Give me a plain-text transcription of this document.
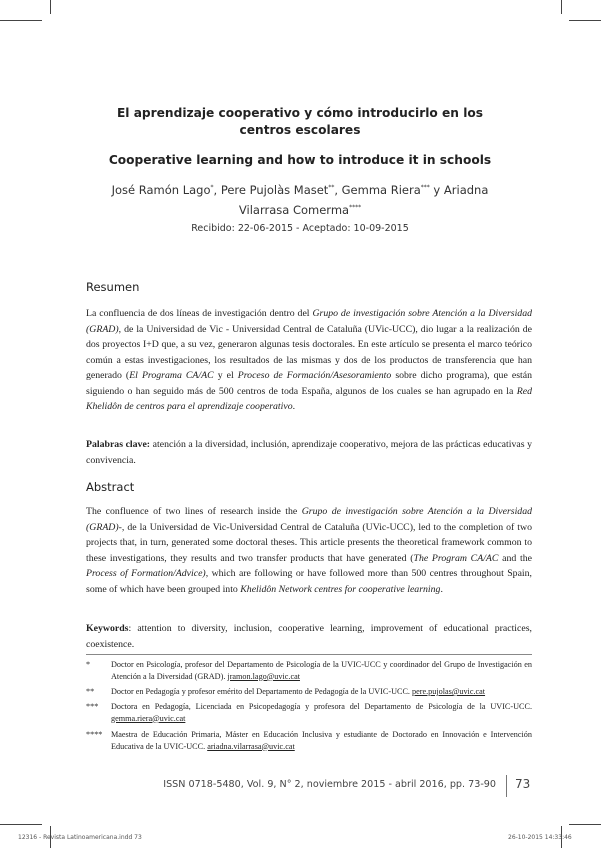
El aprendizaje cooperativo y cómo introducirlo en los centros escolares
Cooperative learning and how to introduce it in schools
José Ramón Lago*, Pere Pujolàs Maset**, Gemma Riera*** y Ariadna Vilarrasa Comerma****
Recibido: 22-06-2015 - Aceptado: 10-09-2015
Resumen

La confluencia de dos líneas de investigación dentro del Grupo de investigación sobre Atención a la Diversidad (GRAD), de la Universidad de Vic - Universidad Central de Cataluña (UVic-UCC), dio lugar a la realización de dos proyectos I+D que, a su vez, generaron algunas tesis doctorales. En este artículo se presenta el marco teórico común a estas investigaciones, los resultados de las mismas y dos de los productos de transferencia que han generado (El Programa CA/AC y el Proceso de Formación/Asesoramiento sobre dicho programa), que están siguiendo o han seguido más de 500 centros de toda España, algunos de los cuales se han agrupado en la Red Khelidôn de centros para el aprendizaje cooperativo.

Palabras clave: atención a la diversidad, inclusión, aprendizaje cooperativo, mejora de las prácticas educativas y convivencia.

Abstract

The confluence of two lines of research inside the Grupo de investigación sobre Atención a la Diversidad (GRAD)-, de la Universidad de Vic-Universidad Central de Cataluña (UVic-UCC), led to the completion of two projects that, in turn, generated some doctoral theses. This article presents the theoretical framework common to these investigations, they results and two transfer products that have generated (The Program CA/AC and the Process of Formation/Advice), which are following or have followed more than 500 centres throughout Spain, some of which have been grouped into Khelidôn Network centres for cooperative learning.

Keywords: attention to diversity, inclusion, cooperative learning, improvement of educational practices, coexistence.

*	Doctor en Psicología, profesor del Departamento de Psicología de la UVIC-UCC y coordinador del Grupo de Investigación en Atención a la Diversidad (GRAD). jramon.lago@uvic.cat
**	Doctor en Pedagogía y profesor emérito del Departamento de Pedagogía de la UVIC-UCC. pere.pujolas@uvic.cat
***	Doctora en Pedagogía, Licenciada en Psicopedagogía y profesora del Departamento de Psicología de la UVIC-UCC. gemma.riera@uvic.cat
****	Maestra de Educación Primaria, Máster en Educación Inclusiva y estudiante de Doctorado en Innovación e Intervención Educativa de la UVIC-UCC. ariadna.vilarrasa@uvic.cat
ISSN 0718-5480, Vol. 9, N° 2, noviembre 2015 - abril 2016, pp. 73-90 73
12316 - Revista Latinoamericana.indd 73	26-10-2015 14:33:46
